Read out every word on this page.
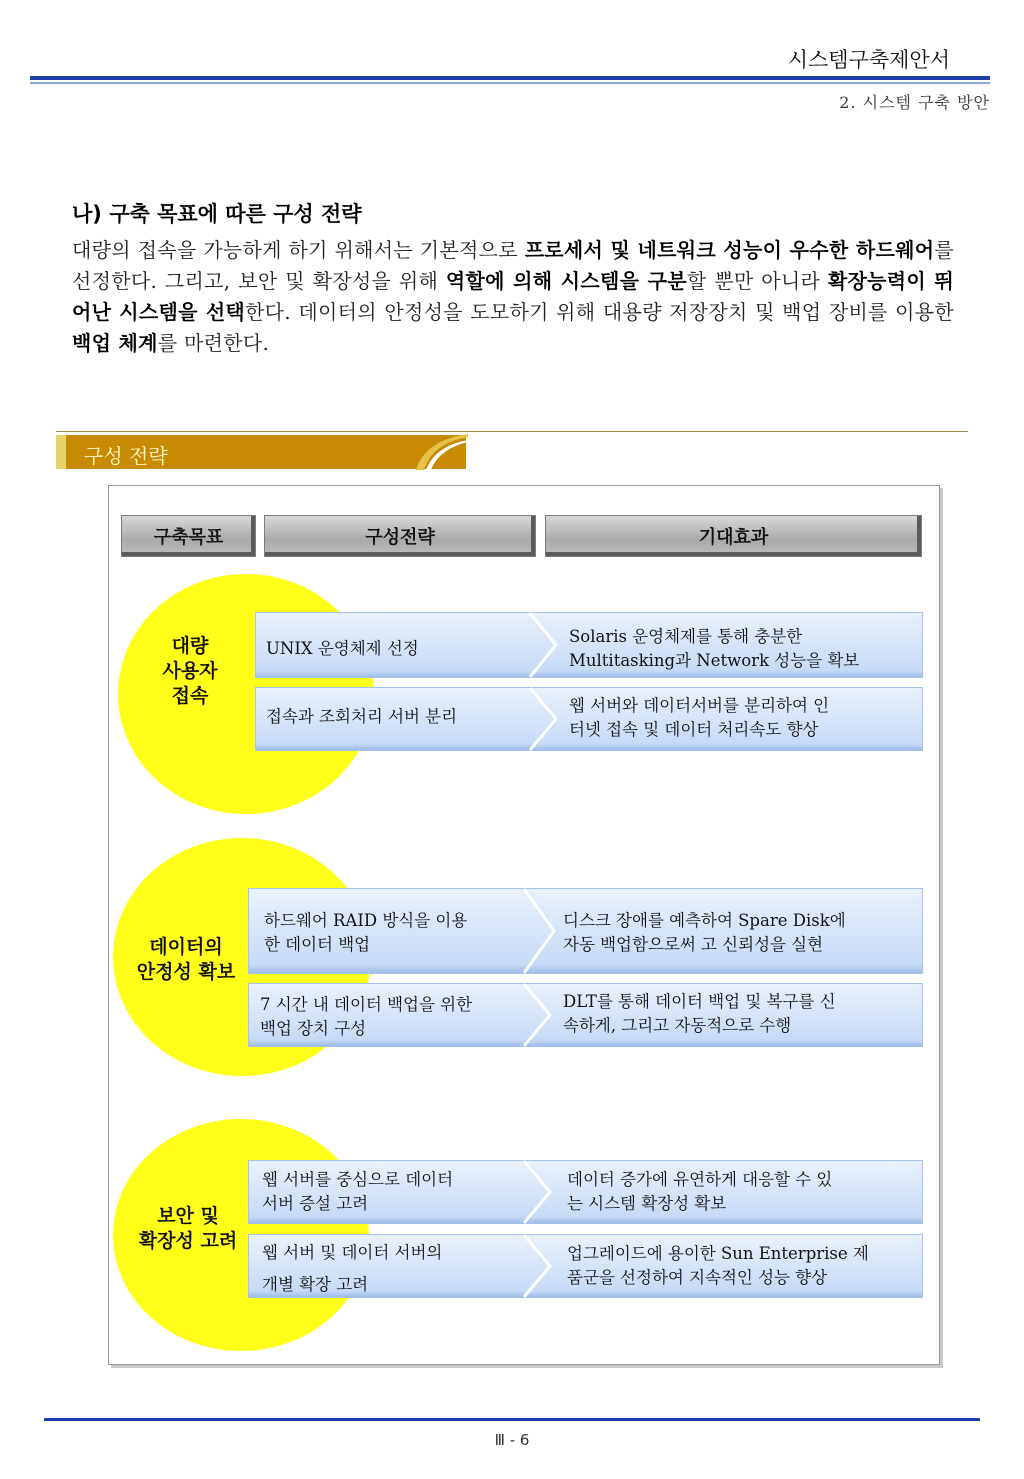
시스템구축제안서
2. 시스템 구축 방안
나) 구축 목표에 따른 구성 전략
대량의 접속을 가능하게 하기 위해서는 기본적으로 프로세서 및 네트워크 성능이 우수한 하드웨어를 선정한다. 그리고, 보안 및 확장성을 위해 역할에 의해 시스템을 구분할 뿐만 아니라 확장능력이 뛰어난 시스템을 선택한다. 데이터의 안정성을 도모하기 위해 대용량 저장장치 및 백업 장비를 이용한 백업 체계를 마련한다.
구성 전략
구축목표	구성전략	기대효과
대량
사용자
접속
UNIX 운영체제 선정
Solaris 운영체제를 통해 충분한
Multitasking과 Network 성능을 확보
접속과 조회처리 서버 분리
웹 서버와 데이터서버를 분리하여 인
터넷 접속 및 데이터 처리속도 향상
데이터의
안정성 확보
하드웨어 RAID 방식을 이용
한 데이터 백업
디스크 장애를 예측하여 Spare Disk에
자동 백업함으로써 고 신뢰성을 실현
7 시간 내 데이터 백업을 위한
백업 장치 구성
DLT를 통해 데이터 백업 및 복구를 신
속하게, 그리고 자동적으로 수행
보안 및
확장성 고려
웹 서버를 중심으로 데이터
서버 증설 고려
데이터 증가에 유연하게 대응할 수 있
는 시스템 확장성 확보
웹 서버 및 데이터 서버의
개별 확장 고려
업그레이드에 용이한 Sun Enterprise 제
품군을 선정하여 지속적인 성능 향상
Ⅲ - 6
